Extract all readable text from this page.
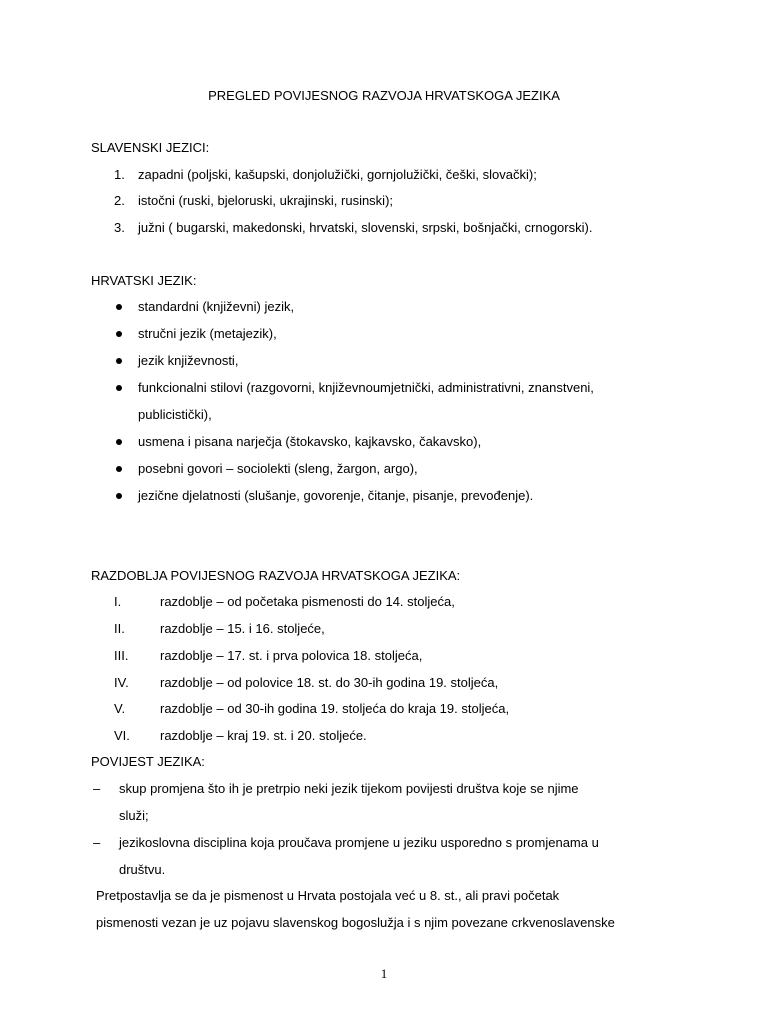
PREGLED POVIJESNOG RAZVOJA HRVATSKOGA JEZIKA
SLAVENSKI JEZICI:
1. zapadni (poljski, kašupski, donjolužički, gornjolužički, češki, slovački);
2. istočni (ruski, bjeloruski, ukrajinski, rusinski);
3. južni ( bugarski, makedonski, hrvatski, slovenski, srpski, bošnjački, crnogorski).
HRVATSKI JEZIK:
standardni (književni) jezik,
stručni jezik (metajezik),
jezik književnosti,
funkcionalni stilovi (razgovorni, književnoumjetnički, administrativni, znanstveni,
publicistički),
usmena i pisana narječja (štokavsko, kajkavsko, čakavsko),
posebni govori – sociolekti (sleng, žargon, argo),
jezične djelatnosti (slušanje, govorenje, čitanje, pisanje, prevođenje).
RAZDOBLJA POVIJESNOG RAZVOJA HRVATSKOGA JEZIKA:
I.	razdoblje – od početaka pismenosti do 14. stoljeća,
II.	razdoblje – 15. i 16. stoljeće,
III. razdoblje – 17. st. i prva polovica 18. stoljeća,
IV. razdoblje – od polovice 18. st. do 30-ih godina 19. stoljeća,
V.	razdoblje – od 30-ih godina 19. stoljeća do kraja 19. stoljeća,
VI. razdoblje – kraj 19. st. i 20. stoljeće.
POVIJEST JEZIKA:
– skup promjena što ih je pretrpio neki jezik tijekom povijesti društva koje se njime
služi;
– jezikoslovna disciplina koja proučava promjene u jeziku usporedno s promjenama u
društvu.
Pretpostavlja se da je pismenost u Hrvata postojala već u 8. st., ali pravi početak
pismenosti vezan je uz pojavu slavenskog bogoslužja i s njim povezane crkvenoslavenske
1
